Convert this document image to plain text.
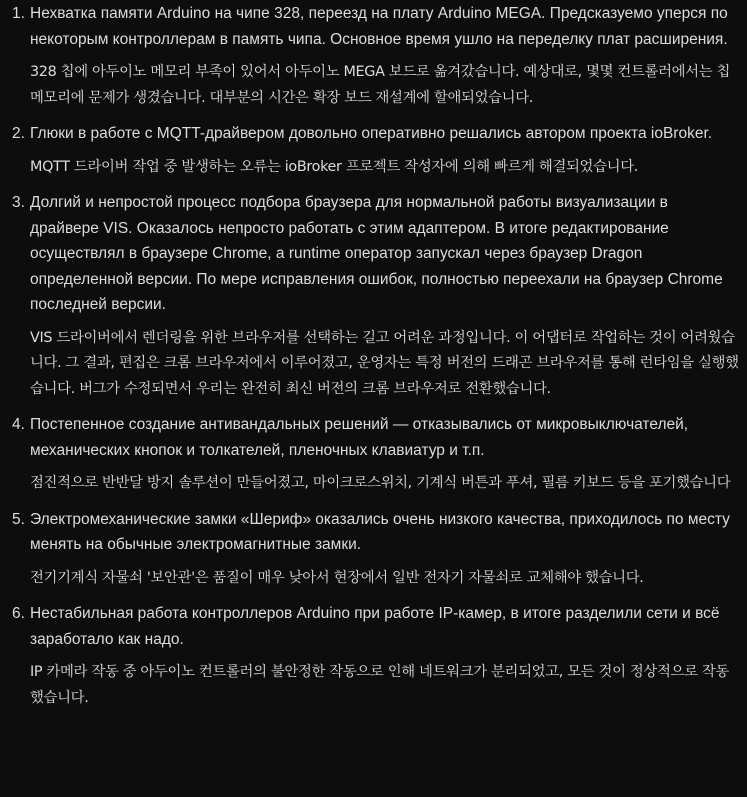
1. Нехватка памяти Arduino на чипе 328, переезд на плату Arduino MEGA. Предсказуемо уперся по некоторым контроллерам в память чипа. Основное время ушло на переделку плат расширения.

328 칩에 아두이노 메모리 부족이 있어서 아두이노 MEGA 보드로 옮겨갔습니다. 예상대로, 몇몇 컨트롤러에서는 칩 메모리에 문제가 생겼습니다. 대부분의 시간은 확장 보드 재설계에 할애되었습니다.

2. Глюки в работе с MQTT-драйвером довольно оперативно решались автором проекта ioBroker.

MQTT 드라이버 작업 중 발생하는 오류는 ioBroker 프로젝트 작성자에 의해 빠르게 해결되었습니다.

3. Долгий и непростой процесс подбора браузера для нормальной работы визуализации в драйвере VIS. Оказалось непросто работать с этим адаптером. В итоге редактирование осуществлял в браузере Chrome, а runtime оператор запускал через браузер Dragon определенной версии. По мере исправления ошибок, полностью переехали на браузер Chrome последней версии.

VIS 드라이버에서 렌더링을 위한 브라우저를 선택하는 길고 어려운 과정입니다. 이 어댑터로 작업하는 것이 어려웠습니다. 그 결과, 편집은 크롬 브라우저에서 이루어졌고, 운영자는 특정 버전의 드래곤 브라우저를 통해 런타임을 실행했습니다. 버그가 수정되면서 우리는 완전히 최신 버전의 크롬 브라우저로 전환했습니다.

4. Постепенное создание антивандальных решений — отказывались от микровыключателей, механических кнопок и толкателей, пленочных клавиатур и т.п.

점진적으로 반반달 방지 솔루션이 만들어졌고, 마이크로스위치, 기계식 버튼과 푸셔, 필름 키보드 등을 포기했습니다

5. Электромеханические замки «Шериф» оказались очень низкого качества, приходилось по месту менять на обычные электромагнитные замки.

전기기계식 자물쇠 '보안관'은 품질이 매우 낮아서 현장에서 일반 전자기 자물쇠로 교체해야 했습니다.

6. Нестабильная работа контроллеров Arduino при работе IP-камер, в итоге разделили сети и всё заработало как надо.

IP 카메라 작동 중 아두이노 컨트롤러의 불안정한 작동으로 인해 네트워크가 분리되었고, 모든 것이 정상적으로 작동했습니다.
